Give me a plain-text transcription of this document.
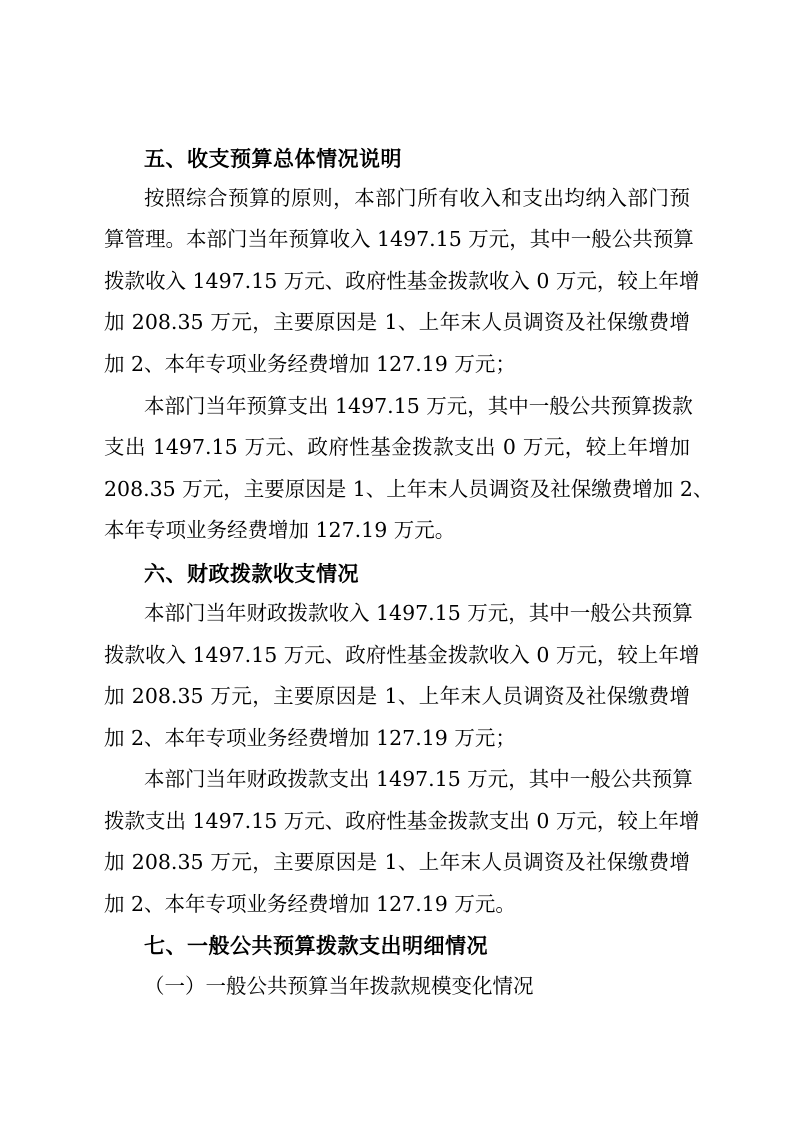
五、收支预算总体情况说明
按照综合预算的原则，本部门所有收入和支出均纳入部门预
算管理。本部门当年预算收入 1497.15 万元，其中一般公共预算
拨款收入 1497.15 万元、政府性基金拨款收入 0 万元，较上年增
加 208.35 万元，主要原因是 1、上年末人员调资及社保缴费增
加 2、本年专项业务经费增加 127.19 万元；
本部门当年预算支出 1497.15 万元，其中一般公共预算拨款
支出 1497.15 万元、政府性基金拨款支出 0 万元，较上年增加
208.35 万元，主要原因是 1、上年末人员调资及社保缴费增加 2、
本年专项业务经费增加 127.19 万元。
六、财政拨款收支情况
本部门当年财政拨款收入 1497.15 万元，其中一般公共预算
拨款收入 1497.15 万元、政府性基金拨款收入 0 万元，较上年增
加 208.35 万元，主要原因是 1、上年末人员调资及社保缴费增
加 2、本年专项业务经费增加 127.19 万元；
本部门当年财政拨款支出 1497.15 万元，其中一般公共预算
拨款支出 1497.15 万元、政府性基金拨款支出 0 万元，较上年增
加 208.35 万元，主要原因是 1、上年末人员调资及社保缴费增
加 2、本年专项业务经费增加 127.19 万元。
七、一般公共预算拨款支出明细情况
（一）一般公共预算当年拨款规模变化情况
